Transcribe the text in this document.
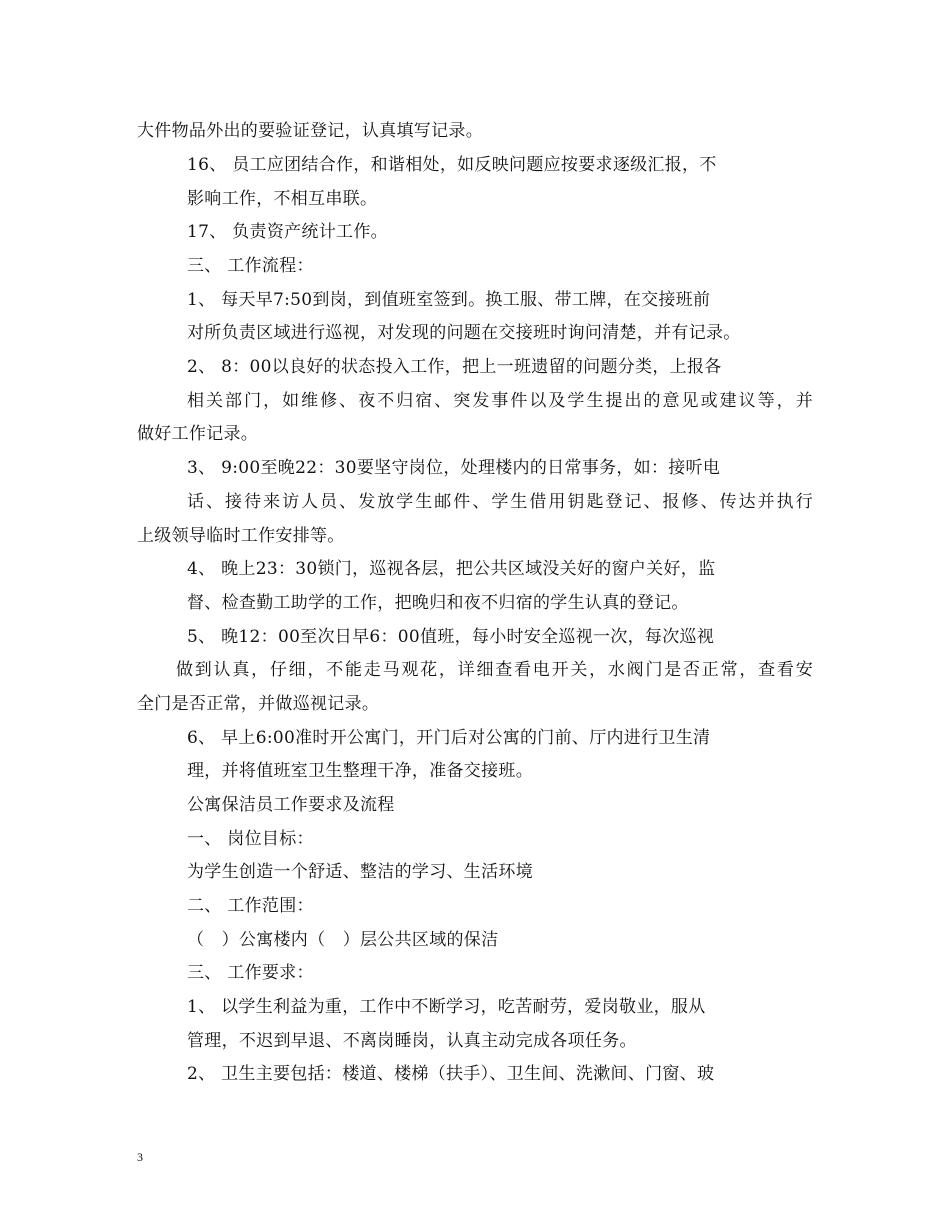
大件物品外出的要验证登记，认真填写记录。
16、 员工应团结合作，和谐相处，如反映问题应按要求逐级汇报，不
影响工作，不相互串联。
17、 负责资产统计工作。
三、 工作流程：
1、 每天早7:50到岗，到值班室签到。换工服、带工牌，在交接班前
对所负责区域进行巡视，对发现的问题在交接班时询问清楚，并有记录。
2、 8：00以良好的状态投入工作，把上一班遗留的问题分类，上报各
相关部门，如维修、夜不归宿、突发事件以及学生提出的意见或建议等，并
做好工作记录。
3、 9:00至晚22：30要坚守岗位，处理楼内的日常事务，如：接听电
话、接待来访人员、发放学生邮件、学生借用钥匙登记、报修、传达并执行
上级领导临时工作安排等。
4、 晚上23：30锁门，巡视各层，把公共区域没关好的窗户关好，监
督、检查勤工助学的工作，把晚归和夜不归宿的学生认真的登记。
5、 晚12：00至次日早6：00值班，每小时安全巡视一次，每次巡视
做到认真，仔细，不能走马观花，详细查看电开关，水阀门是否正常，查看安
全门是否正常，并做巡视记录。
6、 早上6:00准时开公寓门，开门后对公寓的门前、厅内进行卫生清
理，并将值班室卫生整理干净，准备交接班。
公寓保洁员工作要求及流程
一、 岗位目标：
为学生创造一个舒适、整洁的学习、生活环境
二、 工作范围：
（　）公寓楼内（　）层公共区域的保洁
三、 工作要求：
1、 以学生利益为重，工作中不断学习，吃苦耐劳，爱岗敬业，服从
管理，不迟到早退、不离岗睡岗，认真主动完成各项任务。
2、 卫生主要包括：楼道、楼梯（扶手）、卫生间、洗漱间、门窗、玻
3
